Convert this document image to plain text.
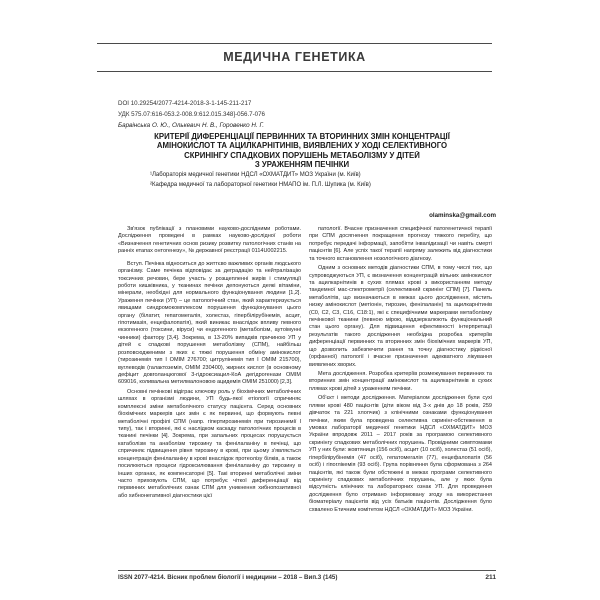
МЕДИЧНА ГЕНЕТИКА
DOI 10.29254/2077-4214-2018-3-1-145-211-217
УДК 575.07:616-053.2-008.9:612.015.348]-056.7-076
Барвінська О. Ю., Олькевич Н. В., Горовенко Н. Г.
КРИТЕРІЇ ДИФЕРЕНЦІАЦІЇ ПЕРВИННИХ ТА ВТОРИННИХ ЗМІН КОНЦЕНТРАЦІЇ
АМІНОКИСЛОТ ТА АЦИЛКАРНІТИНІВ, ВИЯВЛЕНИХ У ХОДІ СЕЛЕКТИВНОГО
СКРИНІНГУ СПАДКОВИХ ПОРУШЕНЬ МЕТАБОЛІЗМУ У ДІТЕЙ
З УРАЖЕННЯМ ПЕЧІНКИ
¹Лабораторія медичної генетики НДСЛ «ОХМАТДИТ» МОЗ України (м. Київ)
²Кафедра медичної та лабораторної генетики НМАПО ім. П.Л. Шупика (м. Київ)
olaminska@gmail.com

Зв'язок публікації з плановими науково-дослідними роботами. Дослідження проведені в рамках науково-дослідної роботи «Визначення генетичних основ ризику розвитку патологічних станів на ранніх етапах онтогенезу», № державної реєстрації 0114U002215.

Вступ. Печінка відноситься до життєво важливих органів людського організму. Саме печінка відповідає за деградацію та нейтралізацію токсичних речовин, бере участь у розщепленні жирів і стимуляції роботи кишківника, у тканинах печінки депонуються деякі вітаміни, мінерали, необхідні для нормального функціонування людини [1,2]. Ураження печінки (УП) – це патологічний стан, який характеризується явищами синдромокомплексом порушення функціонування цього органу (білатит, гепатомегалія, холестаз, гіпербілірубінемія, асцит, гіпотимазія, енцефалопатія), який виникає внаслідок впливу певного екзогенного (токсини, віруси) чи ендогенного (метаболізм, аутоімунні чинники) фактору [3,4]. Зокрема, в 13-20% випадків причиною УП у дітей є спадкові порушення метаболізму (СПМ), найбільш розповсюдженими з яких є тяжкі порушення обміну амінокислот (тирозинемія тип I OMIM 276700; цитрулінемія тип I OMIM 215700), вуглеводів (галактоземія, OMIM 230400), жирних кислот (в основному дефіцит довголанцюгової 3-гідроксиацил-КоА дегідрогенази OMIM 609016, коливальна метилмалоновою ацидемія OMIM 251000) [2,3].

Основні печінкові відіграє ключову роль у біохімічних метаболічних шляхах в організмі людини, УП будь-якої етіології спричиняє комплексні зміни метаболічного статусу пацієнта. Серед основних біохімічних маркерів цих змін є як первинні, що формують певні метаболічні профілі СПМ (напр. гіпертирозинемія при тирозинемії І типу), так і вторинні, які є наслідком каскаду патологічних процесів в тканині печінки [4]. Зокрема, при запальних процесах порушується катаболізм та анаболізм тирозину та фенілаланіну в печінці, що спричиняє підвищення рівня тирозину в крові, при цьому з'являється концентрація фенілаланіну в крові внаслідок протеолізу білків, а також посилюються процеси гідроксилювання фенілаланіну до тирозину в інших органах, як компенсаторні [5]. Такі вторинні метаболічні зміни часто приховують СПМ, що потребує чіткої диференціації від первинних метаболічних ознак СПМ для уникнення хибнопозитивної або хибнонегативної діагностики цієї

патології. Вчасне призначення специфічної патогенетичної терапії при СПМ досягнення покращення прогнозу тяжкого перебігу, що потребує передачі інформації, запобігти інвалідизації чи навіть смерті пацієнтів [6]. Але успіх такої терапії напряму залежить від діагностики та точного встановлення нозологічного діагнозу.

Одним з основних методів діагностики СПМ, в тому числі тих, що супроводжуються УП, є визначення концентрацій вільних амінокислот та ацилкарнітинів в сухих плямах крові з використанням методу тандемної мас-спектрометрії (селективний скринінг СПМ) [7]. Панель метаболітів, що визначаються в межах цього дослідження, містить низку амінокислот (метіонін, тирозин, фенілаланін) та ацилкарнітинів (C0, C2, C3, C16, C18:1), які є специфічними маркерами метаболізму печінкової тканини (певною мірою, віддзеркалюють функціональний стан цього органу). Для підвищення ефективності інтерпретації результатів такого дослідження необхідна розробка критеріїв диференціації первинних та вторинних змін біохімічних маркерів УП, що дозволить забезпечити рання та точну діагностику рідкісної (орфанної) патології і вчасне призначення адекватного лікування виявлених хворих.

Мета дослідження. Розробка критеріїв розмежування первинних та вторинних змін концентрації амінокислот та ацилкарнітинів в сухих плямах крові дітей з ураженням печінки.

Об'єкт і методи дослідження. Матеріалом дослідження були сухі плями крові 480 пацієнтів (діти віком від 3-х днів до 18 років, 259 дівчаток та 221 хлопчик) з клінічними ознаками функціонування печінки, яким була проведена селективна скринінг-обстеження в умовах лабораторії медичної генетики НДСЛ «ОХМАТДИТ» МОЗ України впродовж 2011 – 2017 років за програмою селективного скринінгу спадкових метаболічних порушень. Провідними симптомами УП у них були: жовтяниця (156 осіб), асцит (10 осіб), холестаз (51 осіб), гіпербілірубінемія (47 осіб), гепатомегалія (77), енцефалопатія (56 осіб) і гіпоглікемія (93 осіб). Група порівняння була сформована з 264 пацієнтів, які також були обстежені в межах програми селективного скринінгу спадкових метаболічних порушень, але у яких була відсутність клінічних та лабораторних ознак УП. Для проведення дослідження було отримано інформовану згоду на використання біоматеріалу пацієнтів від усіх батьків пацієнтів. Дослідження було схвалено Етичним комітетом НДСЛ «ОХМАТДИТ» МОЗ України.

ISSN 2077-4214. Вісник проблем біології і медицини – 2018 – Вип.3 (145)	211
